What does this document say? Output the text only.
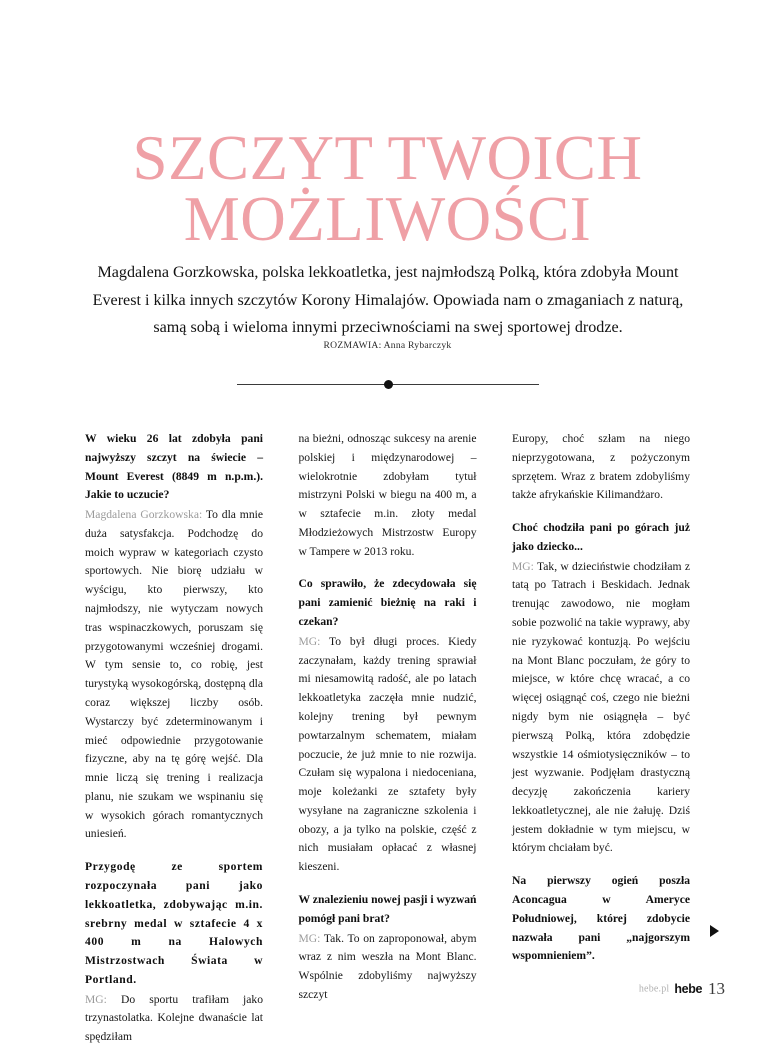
SZCZYT TWOICH
MOŻLIWOŚCI

Magdalena Gorzkowska, polska lekkoatletka, jest najmłodszą Polką, która zdobyła Mount Everest i kilka innych szczytów Korony Himalajów. Opowiada nam o zmaganiach z naturą, samą sobą i wieloma innymi przeciwnościami na swej sportowej drodze.

ROZMAWIA: Anna Rybarczyk

W wieku 26 lat zdobyła pani najwyższy szczyt na świecie – Mount Everest (8849 m n.p.m.). Jakie to uczucie?

Magdalena Gorzkowska: To dla mnie duża satysfakcja. Podchodzę do moich wypraw w kategoriach czysto sportowych. Nie biorę udziału w wyścigu, kto pierwszy, kto najmłodszy, nie wytyczam nowych tras wspinaczkowych, poruszam się przygotowanymi wcześniej drogami. W tym sensie to, co robię, jest turystyką wysokogórską, dostępną dla coraz większej liczby osób. Wystarczy być zdeterminowanym i mieć odpowiednie przygotowanie fizyczne, aby na tę górę wejść. Dla mnie liczą się trening i realizacja planu, nie szukam we wspinaniu się w wysokich górach romantycznych uniesień.

Przygodę ze sportem rozpoczynała pani jako lekkoatletka, zdobywając m.in. srebrny medal w sztafecie 4 x 400 m na Halowych Mistrzostwach Świata w Portland.

MG: Do sportu trafiłam jako trzynastolatka. Kolejne dwanaście lat spędziłam

na bieżni, odnosząc sukcesy na arenie polskiej i międzynarodowej – wielokrotnie zdobyłam tytuł mistrzyni Polski w biegu na 400 m, a w sztafecie m.in. złoty medal Młodzieżowych Mistrzostw Europy w Tampere w 2013 roku.

Co sprawiło, że zdecydowała się pani zamienić bieżnię na raki i czekan?

MG: To był długi proces. Kiedy zaczynałam, każdy trening sprawiał mi niesamowitą radość, ale po latach lekkoatletyka zaczęła mnie nudzić, kolejny trening był pewnym powtarzalnym schematem, miałam poczucie, że już mnie to nie rozwija. Czułam się wypalona i niedoceniana, moje koleżanki ze sztafety były wysyłane na zagraniczne szkolenia i obozy, a ja tylko na polskie, część z nich musiałam opłacać z własnej kieszeni.

W znalezieniu nowej pasji i wyzwań pomógł pani brat?

MG: Tak. To on zaproponował, abym wraz z nim weszła na Mont Blanc. Wspólnie zdobyliśmy najwyższy szczyt

Europy, choć szłam na niego nieprzygotowana, z pożyczonym sprzętem. Wraz z bratem zdobyliśmy także afrykańskie Kilimandżaro.

Choć chodziła pani po górach już jako dziecko...

MG: Tak, w dzieciństwie chodziłam z tatą po Tatrach i Beskidach. Jednak trenując zawodowo, nie mogłam sobie pozwolić na takie wyprawy, aby nie ryzykować kontuzją. Po wejściu na Mont Blanc poczułam, że góry to miejsce, w które chcę wracać, a co więcej osiągnąć coś, czego nie bieżni nigdy bym nie osiągnęła – być pierwszą Polką, która zdobędzie wszystkie 14 ośmiotysięczników – to jest wyzwanie. Podjęłam drastyczną decyzję zakończenia kariery lekkoatletycznej, ale nie żałuję. Dziś jestem dokładnie w tym miejscu, w którym chciałam być.

Na pierwszy ogień poszła Aconcagua w Ameryce Południowej, której zdobycie nazwała pani „najgorszym wspomnieniem”.

hebe.pl hebe 13
